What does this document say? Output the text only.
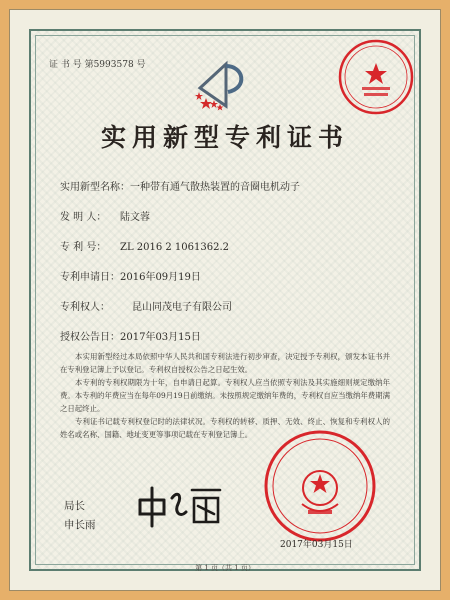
证 书 号 第5993578 号
实用新型专利证书
实用新型名称：一种带有通气散热装置的音圈电机动子
发 明 人： 陆文蓉
专 利 号： ZL 2016 2 1061362.2
专利申请日：2016年09月19日
专利权人： 昆山同茂电子有限公司
授权公告日：2017年03月15日
本实用新型经过本局依照中华人民共和国专利法进行初步审查，决定授予专利权，颁发本证书并在专利登记簿上予以登记。专利权自授权公告之日起生效。
本专利的专利权期限为十年，自申请日起算。专利权人应当依照专利法及其实施细则规定缴纳年费。本专利的年费应当在每年09月19日前缴纳。未按照规定缴纳年费的，专利权自应当缴纳年费期满之日起终止。
专利证书记载专利权登记时的法律状况。专利权的转移、质押、无效、终止、恢复和专利权人的姓名或名称、国籍、地址变更等事项记载在专利登记簿上。
局长
申长雨
2017年03月15日
第 1 页（共 1 页）
